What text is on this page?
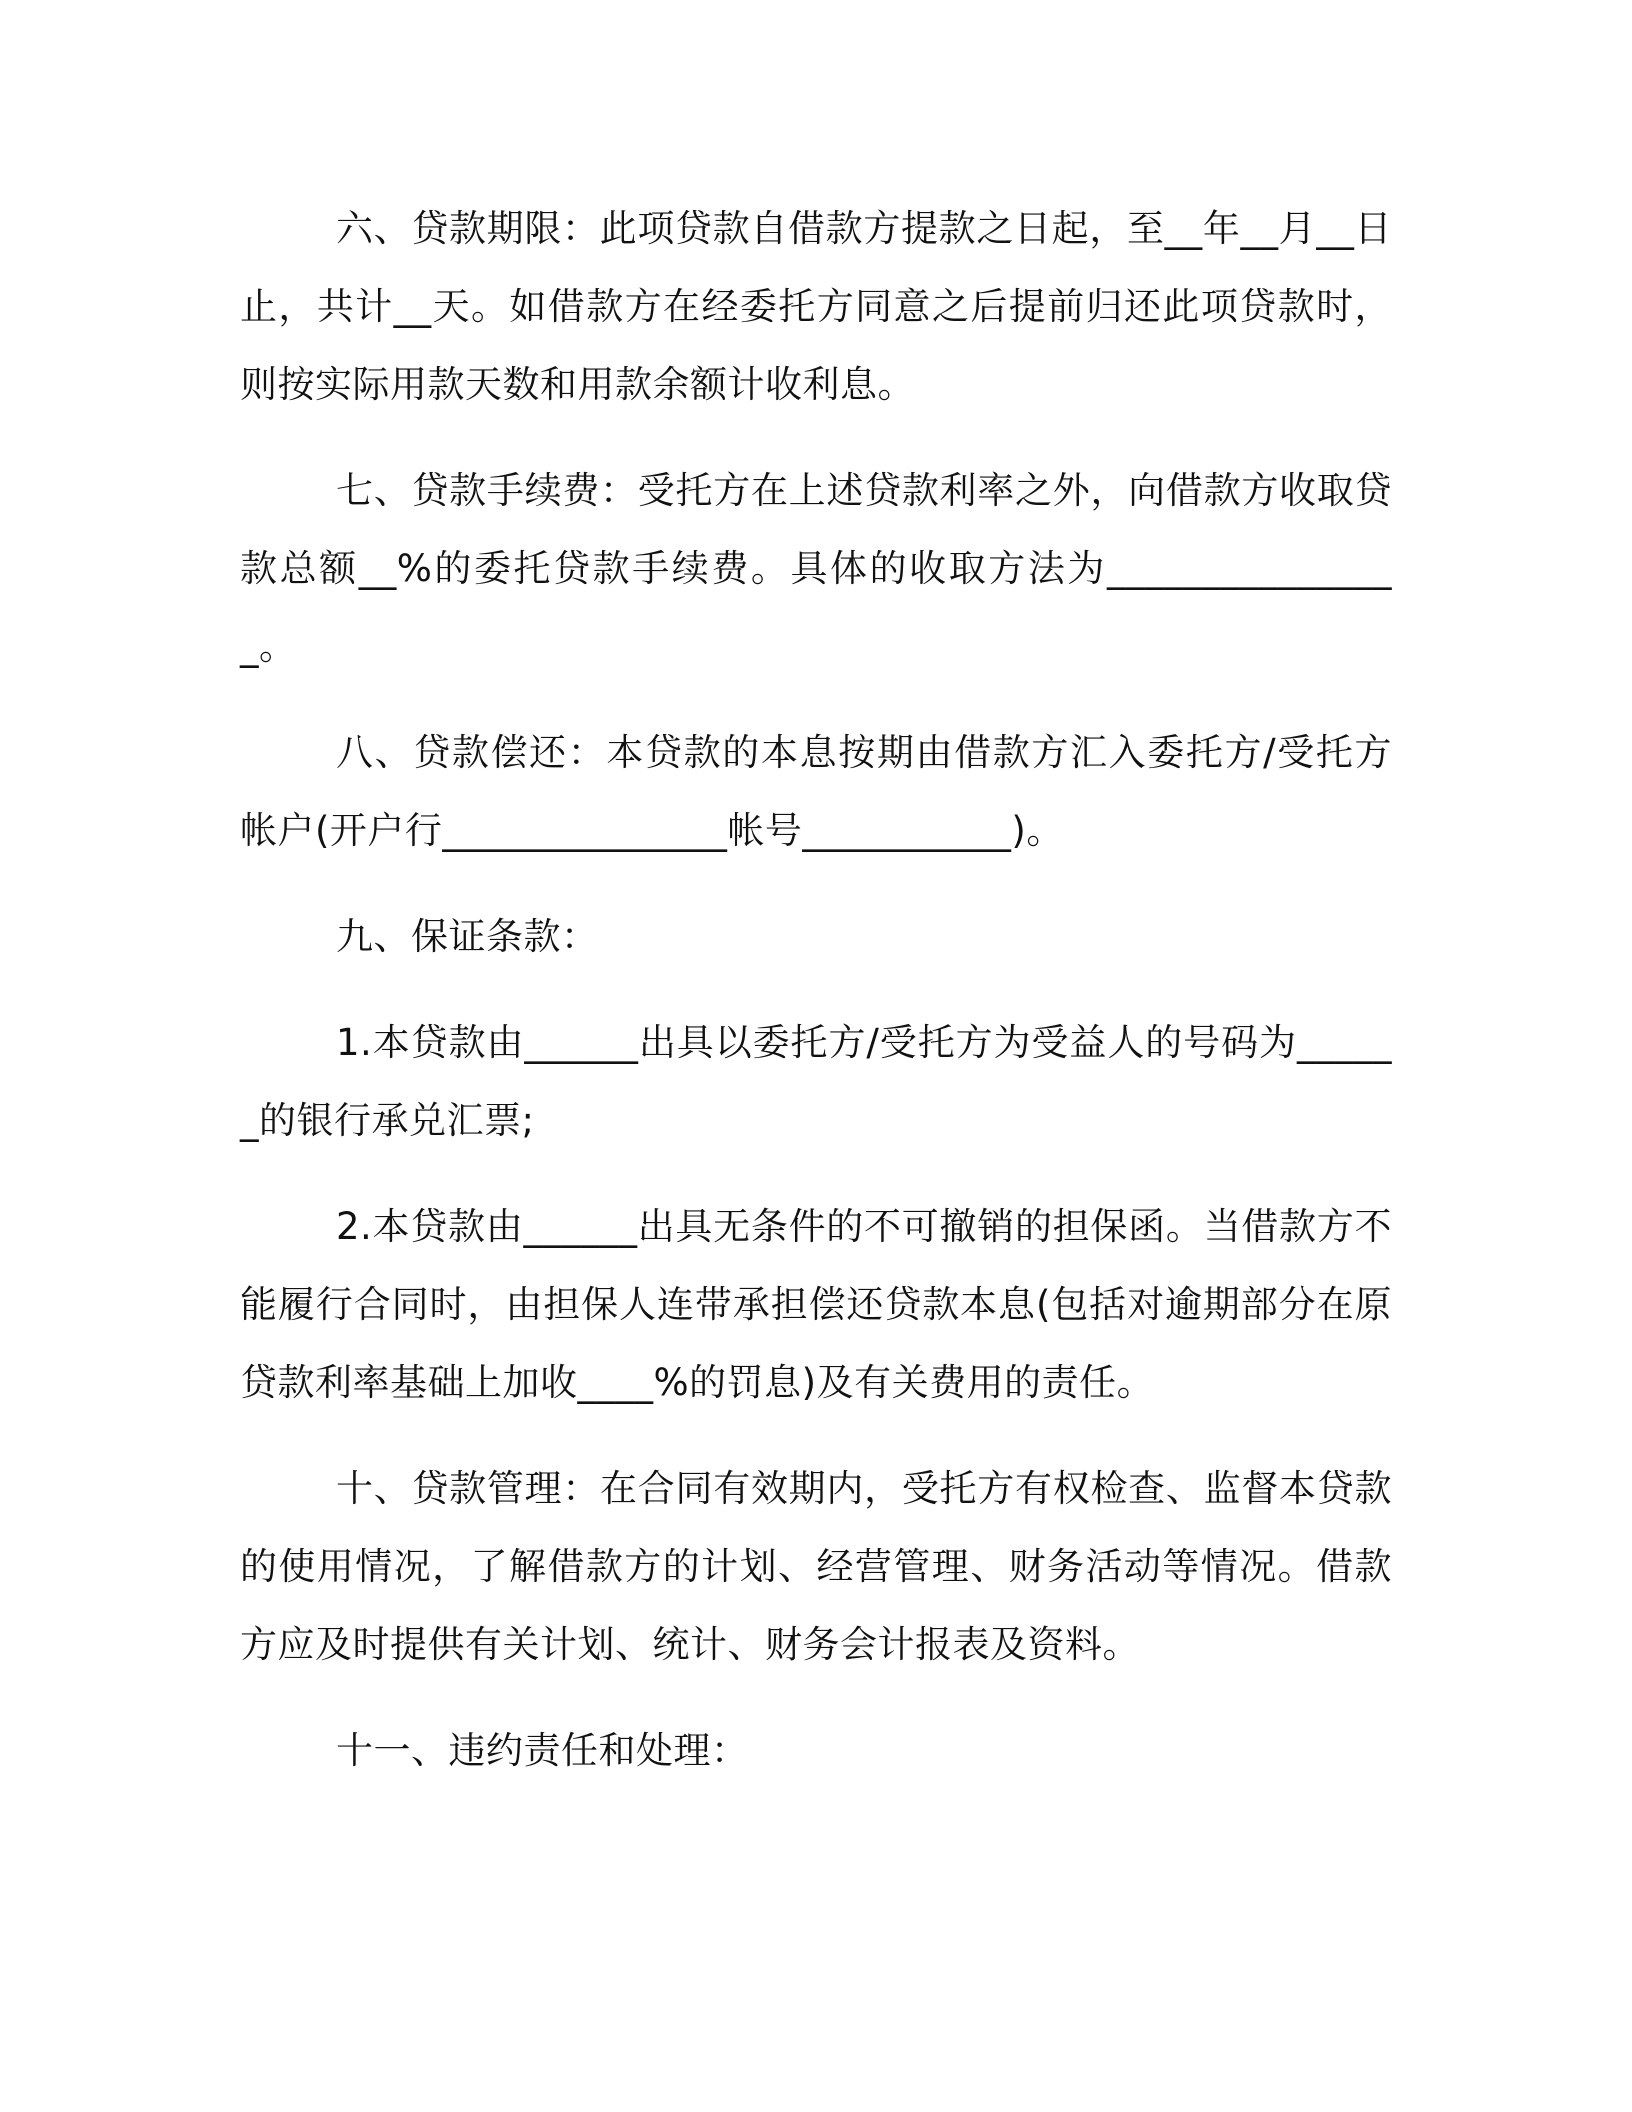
六、贷款期限：此项贷款自借款方提款之日起，至__年__月__日止，共计__天。如借款方在经委托方同意之后提前归还此项贷款时，则按实际用款天数和用款余额计收利息。

七、贷款手续费：受托方在上述贷款利率之外，向借款方收取贷款总额__%的委托贷款手续费。具体的收取方法为________________。

八、贷款偿还：本贷款的本息按期由借款方汇入委托方/受托方帐户(开户行_______________帐号___________)。

九、保证条款：

1.本贷款由______出具以委托方/受托方为受益人的号码为______的银行承兑汇票;

2.本贷款由______出具无条件的不可撤销的担保函。当借款方不能履行合同时，由担保人连带承担偿还贷款本息(包括对逾期部分在原贷款利率基础上加收____%的罚息)及有关费用的责任。

十、贷款管理：在合同有效期内，受托方有权检查、监督本贷款的使用情况，了解借款方的计划、经营管理、财务活动等情况。借款方应及时提供有关计划、统计、财务会计报表及资料。

十一、违约责任和处理：
